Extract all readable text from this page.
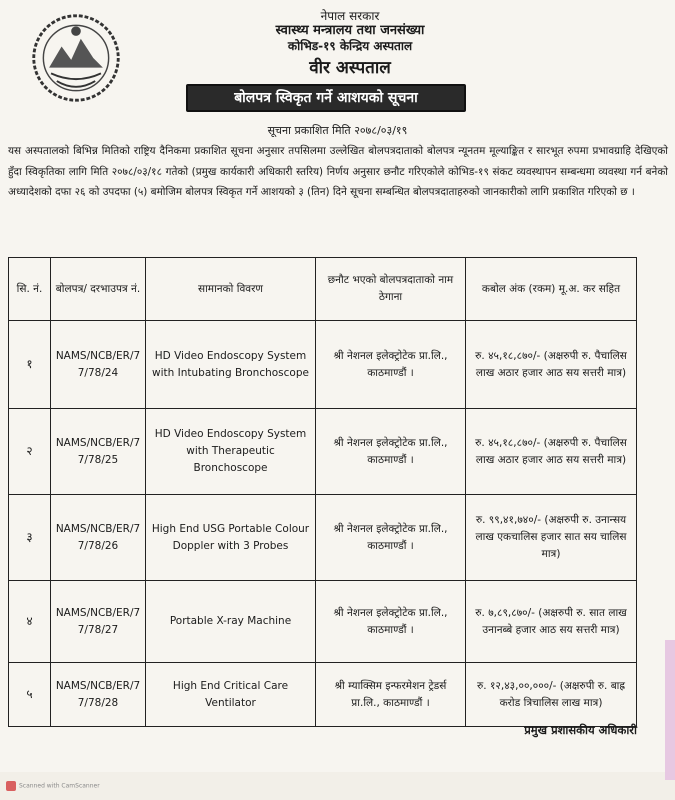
नेपाल सरकार
स्वास्थ्य मन्त्रालय तथा जनसंख्या
कोभिड-१९ केन्द्रिय अस्पताल
वीर अस्पताल
बोलपत्र स्विकृत गर्ने आशयको सूचना
सूचना प्रकाशित मिति २०७८/०३/१९
यस अस्पतालको बिभिन्न मितिको राष्ट्रिय दैनिकमा प्रकाशित सूचना अनुसार तपसिलमा उल्लेखित बोलपत्रदाताको बोलपत्र न्यूनतम मूल्याङ्कित र सारभूत रुपमा प्रभावग्राहि देखिएको हुँदा स्विकृतिका लागि मिति २०७८/०३/१८ गतेको (प्रमुख कार्यकारी अधिकारी स्तरिय) निर्णय अनुसार छनौट गरिएकोले कोभिड-१९ संकट व्यवस्थापन सम्बन्धमा व्यवस्था गर्न बनेको अध्यादेशको दफा २६ को उपदफा (५) बमोजिम बोलपत्र स्विकृत गर्ने आशयको ३ (तिन) दिने सूचना सम्बन्धित बोलपत्रदाताहरुको जानकारीको लागि प्रकाशित गरिएको छ ।
सि. नं.	बोलपत्र/ दरभाउपत्र नं.	सामानको विवरण	छनौट भएको बोलपत्रदाताको नाम ठेगाना	कबोल अंक (रकम) मू.अ. कर सहित
१	NAMS/NCB/ER/77/78/24	HD Video Endoscopy System with Intubating Bronchoscope	श्री नेशनल इलेक्ट्रोटेक प्रा.लि., काठमाण्डौं ।	रु. ४५,१८,८७०/- (अक्षरुपी रु. पैचालिस लाख अठार हजार आठ सय सत्तरी मात्र)
२	NAMS/NCB/ER/77/78/25	HD Video Endoscopy System with Therapeutic Bronchoscope	श्री नेशनल इलेक्ट्रोटेक प्रा.लि., काठमाण्डौं ।	रु. ४५,१८,८७०/- (अक्षरुपी रु. पैचालिस लाख अठार हजार आठ सय सत्तरी मात्र)
३	NAMS/NCB/ER/77/78/26	High End USG Portable Colour Doppler with 3 Probes	श्री नेशनल इलेक्ट्रोटेक प्रा.लि., काठमाण्डौं ।	रु. ९९,४१,७४०/- (अक्षरुपी रु. उनान्सय लाख एकचालिस हजार सात सय चालिस मात्र)
४	NAMS/NCB/ER/77/78/27	Portable X-ray Machine	श्री नेशनल इलेक्ट्रोटेक प्रा.लि., काठमाण्डौं ।	रु. ७,८९,८७०/- (अक्षरुपी रु. सात लाख उनानब्बे हजार आठ सय सत्तरी मात्र)
५	NAMS/NCB/ER/77/78/28	High End Critical Care Ventilator	श्री म्याक्सिम इन्फरमेशन ट्रेडर्स प्रा.लि., काठमाण्डौं ।	रु. १२,४३,००,०००/- (अक्षरुपी रु. बाह्र करोड त्रिचालिस लाख मात्र)
प्रमुख प्रशासकीय अधिकारी
Scanned with CamScanner
